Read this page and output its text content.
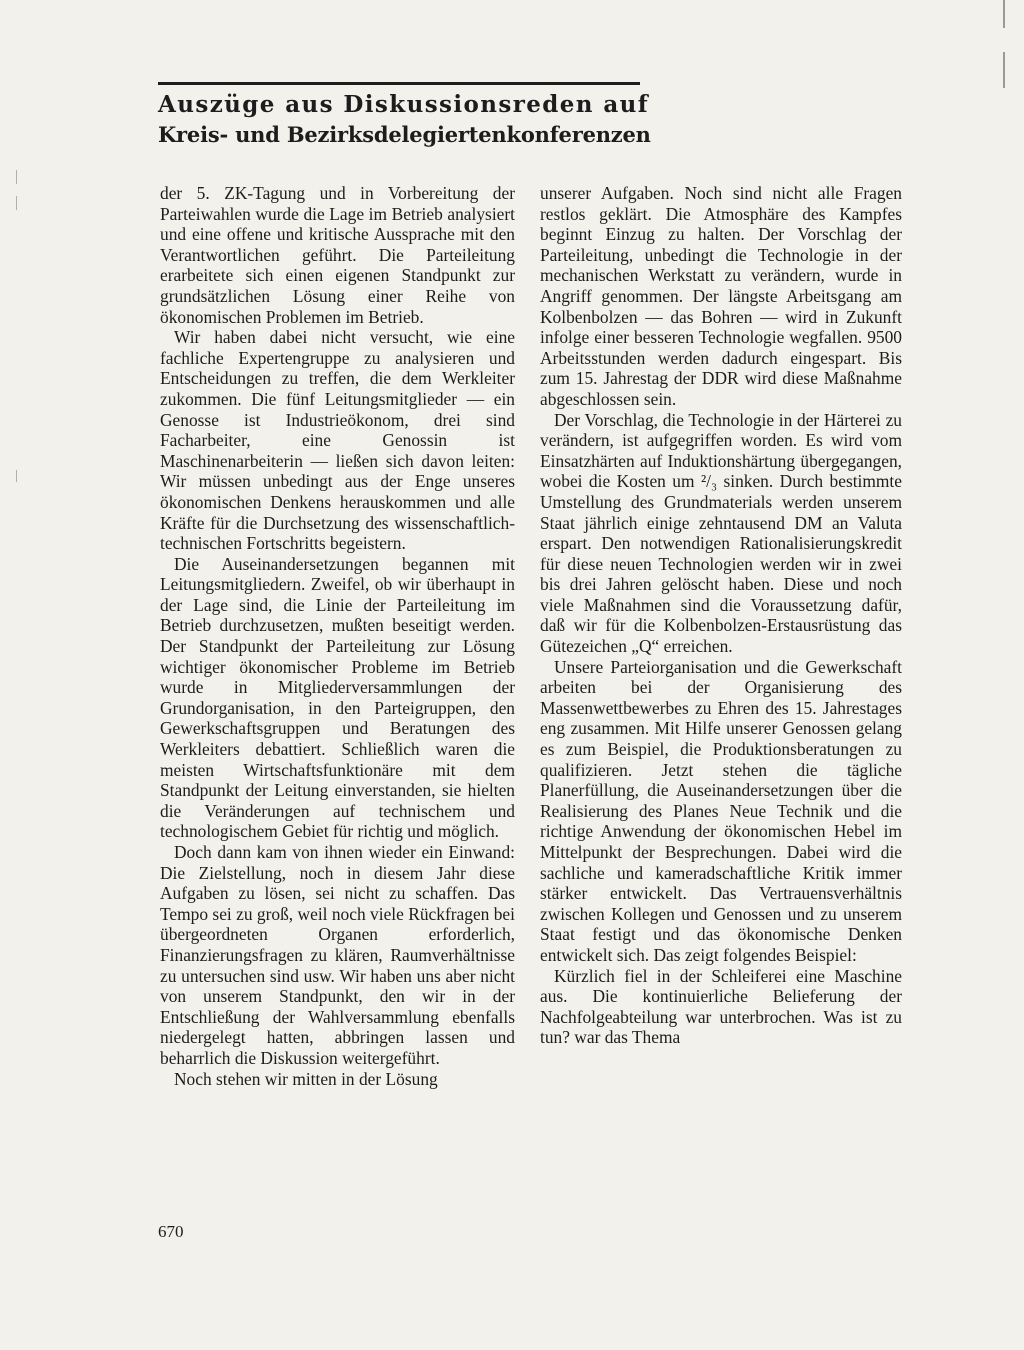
Auszüge aus Diskussionsreden auf
Kreis- und Bezirksdelegiertenkonferenzen

der 5. ZK-Tagung und in Vorbereitung der Parteiwahlen wurde die Lage im Betrieb analysiert und eine offene und kritische Aussprache mit den Verantwortlichen geführt. Die Parteileitung erarbeitete sich einen eigenen Standpunkt zur grundsätzlichen Lösung einer Reihe von ökonomischen Problemen im Betrieb.

Wir haben dabei nicht versucht, wie eine fachliche Expertengruppe zu analysieren und Entscheidungen zu treffen, die dem Werkleiter zukommen. Die fünf Leitungsmitglieder — ein Genosse ist Industrieökonom, drei sind Facharbeiter, eine Genossin ist Maschinenarbeiterin — ließen sich davon leiten: Wir müssen unbedingt aus der Enge unseres ökonomischen Denkens herauskommen und alle Kräfte für die Durchsetzung des wissenschaftlich-technischen Fortschritts begeistern.

Die Auseinandersetzungen begannen mit Leitungsmitgliedern. Zweifel, ob wir überhaupt in der Lage sind, die Linie der Parteileitung im Betrieb durchzusetzen, mußten beseitigt werden. Der Standpunkt der Parteileitung zur Lösung wichtiger ökonomischer Probleme im Betrieb wurde in Mitgliederversammlungen der Grundorganisation, in den Parteigruppen, den Gewerkschaftsgruppen und Beratungen des Werkleiters debattiert. Schließlich waren die meisten Wirtschaftsfunktionäre mit dem Standpunkt der Leitung einverstanden, sie hielten die Veränderungen auf technischem und technologischem Gebiet für richtig und möglich.

Doch dann kam von ihnen wieder ein Einwand: Die Zielstellung, noch in diesem Jahr diese Aufgaben zu lösen, sei nicht zu schaffen. Das Tempo sei zu groß, weil noch viele Rückfragen bei übergeordneten Organen erforderlich, Finanzierungsfragen zu klären, Raumverhältnisse zu untersuchen sind usw. Wir haben uns aber nicht von unserem Standpunkt, den wir in der Entschließung der Wahlversammlung ebenfalls niedergelegt hatten, abbringen lassen und beharrlich die Diskussion weitergeführt.

Noch stehen wir mitten in der Lösung

unserer Aufgaben. Noch sind nicht alle Fragen restlos geklärt. Die Atmosphäre des Kampfes beginnt Einzug zu halten. Der Vorschlag der Parteileitung, unbedingt die Technologie in der mechanischen Werkstatt zu verändern, wurde in Angriff genommen. Der längste Arbeitsgang am Kolbenbolzen — das Bohren — wird in Zukunft infolge einer besseren Technologie wegfallen. 9500 Arbeitsstunden werden dadurch eingespart. Bis zum 15. Jahrestag der DDR wird diese Maßnahme abgeschlossen sein.

Der Vorschlag, die Technologie in der Härterei zu verändern, ist aufgegriffen worden. Es wird vom Einsatzhärten auf Induktionshärtung übergegangen, wobei die Kosten um ²/₃ sinken. Durch bestimmte Umstellung des Grundmaterials werden unserem Staat jährlich einige zehntausend DM an Valuta erspart. Den notwendigen Rationalisierungskredit für diese neuen Technologien werden wir in zwei bis drei Jahren gelöscht haben. Diese und noch viele Maßnahmen sind die Voraussetzung dafür, daß wir für die Kolbenbolzen-Erstausrüstung das Gütezeichen „Q“ erreichen.

Unsere Parteiorganisation und die Gewerkschaft arbeiten bei der Organisierung des Massenwettbewerbes zu Ehren des 15. Jahrestages eng zusammen. Mit Hilfe unserer Genossen gelang es zum Beispiel, die Produktionsberatungen zu qualifizieren. Jetzt stehen die tägliche Planerfüllung, die Auseinandersetzungen über die Realisierung des Planes Neue Technik und die richtige Anwendung der ökonomischen Hebel im Mittelpunkt der Besprechungen. Dabei wird die sachliche und kameradschaftliche Kritik immer stärker entwickelt. Das Vertrauensverhältnis zwischen Kollegen und Genossen und zu unserem Staat festigt und das ökonomische Denken entwickelt sich. Das zeigt folgendes Beispiel:

Kürzlich fiel in der Schleiferei eine Maschine aus. Die kontinuierliche Belieferung der Nachfolgeabteilung war unterbrochen. Was ist zu tun? war das Thema

670
